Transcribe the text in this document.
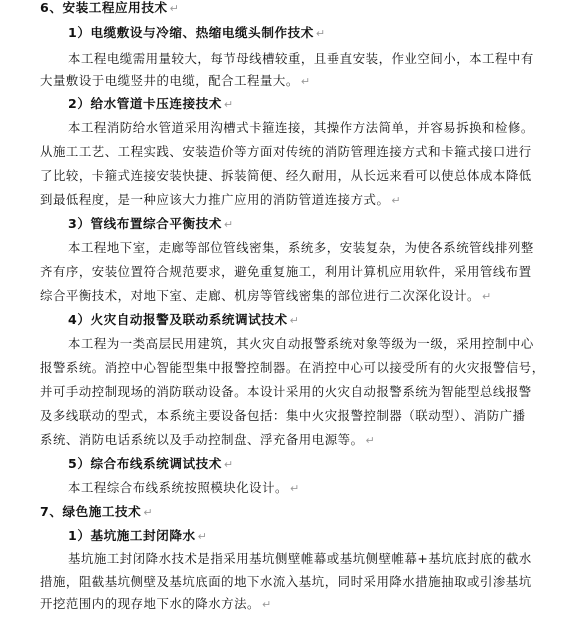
6、安装工程应用技术 ↵
1）电缆敷设与冷缩、热缩电缆头制作技术 ↵
本工程电缆需用量较大，每节母线槽较重，且垂直安装，作业空间小，本工程中有
大量敷设于电缆竖井的电缆，配合工程量大。 ↵
2）给水管道卡压连接技术 ↵
本工程消防给水管道采用沟槽式卡箍连接，其操作方法简单，并容易拆换和检修。
从施工工艺、工程实践、安装造价等方面对传统的消防管理连接方式和卡箍式接口进行
了比较，卡箍式连接安装快捷、拆装简便、经久耐用，从长远来看可以使总体成本降低
到最低程度，是一种应该大力推广应用的消防管道连接方式。 ↵
3）管线布置综合平衡技术 ↵
本工程地下室，走廊等部位管线密集，系统多，安装复杂，为使各系统管线排列整
齐有序，安装位置符合规范要求，避免重复施工，利用计算机应用软件，采用管线布置
综合平衡技术，对地下室、走廊、机房等管线密集的部位进行二次深化设计。 ↵
4）火灾自动报警及联动系统调试技术 ↵
本工程为一类高层民用建筑，其火灾自动报警系统对象等级为一级，采用控制中心
报警系统。消控中心智能型集中报警控制器。在消控中心可以接受所有的火灾报警信号，
并可手动控制现场的消防联动设备。本设计采用的火灾自动报警系统为智能型总线报警
及多线联动的型式，本系统主要设备包括：集中火灾报警控制器（联动型）、消防广播
系统、消防电话系统以及手动控制盘、浮充备用电源等。 ↵
5）综合布线系统调试技术 ↵
本工程综合布线系统按照模块化设计。 ↵
7、绿色施工技术 ↵
1）基坑施工封闭降水 ↵
基坑施工封闭降水技术是指采用基坑侧壁帷幕或基坑侧壁帷幕+基坑底封底的截水
措施，阻截基坑侧壁及基坑底面的地下水流入基坑，同时采用降水措施抽取或引渗基坑
开挖范围内的现存地下水的降水方法。 ↵
